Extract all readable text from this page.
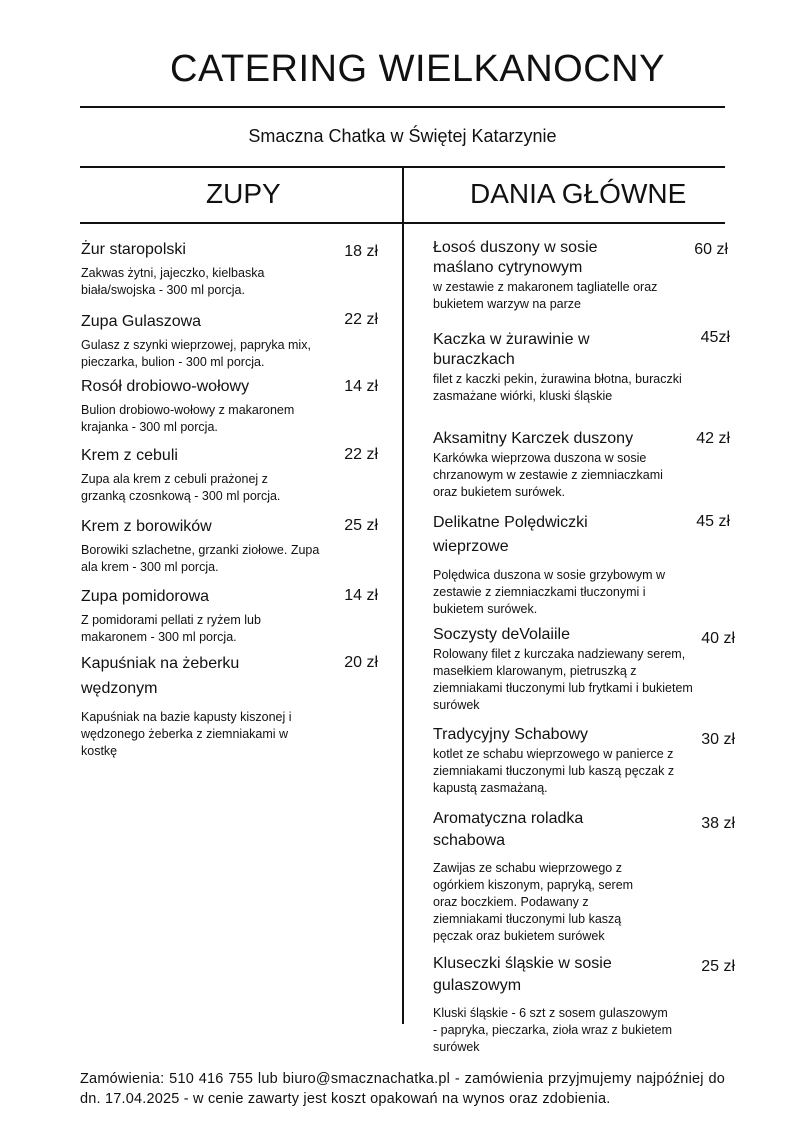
CATERING WIELKANOCNY
Smaczna Chatka w Świętej Katarzynie
ZUPY	DANIA GŁÓWNE
Żur staropolski
Zakwas żytni, jajeczko, kielbaska biała/swojska - 300 ml porcja.
18 zł
Zupa Gulaszowa
Gulasz z szynki wieprzowej, papryka mix, pieczarka, bulion - 300 ml porcja.
22 zł
Rosół drobiowo-wołowy
Bulion drobiowo-wołowy z makaronem krajanka - 300 ml porcja.
14 zł
Krem z cebuli
Zupa ala krem z cebuli prażonej z grzanką czosnkową - 300 ml porcja.
22 zł
Krem z borowików
Borowiki szlachetne, grzanki ziołowe. Zupa ala krem - 300 ml porcja.
25 zł
Zupa pomidorowa
Z pomidorami pellati z ryżem lub makaronem - 300 ml porcja.
14 zł
Kapuśniak na żeberku wędzonym
Kapuśniak na bazie kapusty kiszonej i wędzonego żeberka z ziemniakami w kostkę
20 zł
Łosoś duszony w sosie maślano cytrynowym
w zestawie z makaronem tagliatelle oraz bukietem warzyw na parze
60 zł
Kaczka w żurawinie w buraczkach
filet z kaczki pekin, żurawina błotna, buraczki zasmażane wiórki, kluski śląskie
45zł
Aksamitny Karczek duszony
Karkówka wieprzowa duszona w sosie chrzanowym w zestawie z ziemniaczkami oraz bukietem surówek.
42 zł
Delikatne Polędwiczki wieprzowe
Polędwica duszona w sosie grzybowym w zestawie z ziemniaczkami tłuczonymi i bukietem surówek.
45 zł
Soczysty deVolaiile
Rolowany filet z kurczaka nadziewany serem, masełkiem klarowanym, pietruszką z ziemniakami tłuczonymi lub frytkami i bukietem surówek
40 zł
Tradycyjny Schabowy
kotlet ze schabu wieprzowego w panierce z ziemniakami tłuczonymi lub kaszą pęczak z kapustą zasmażaną.
30 zł
Aromatyczna roladka schabowa
Zawijas ze schabu wieprzowego z ogórkiem kiszonym, papryką, serem oraz boczkiem. Podawany z ziemniakami tłuczonymi lub kaszą pęczak oraz bukietem surówek
38 zł
Kluseczki śląskie w sosie gulaszowym
Kluski śląskie - 6 szt z sosem gulaszowym - papryka, pieczarka, zioła wraz z bukietem surówek
25 zł
Zamówienia: 510 416 755 lub biuro@smacznachatka.pl - zamówienia przyjmujemy najpóźniej do dn. 17.04.2025 - w cenie zawarty jest koszt opakowań na wynos oraz zdobienia.
